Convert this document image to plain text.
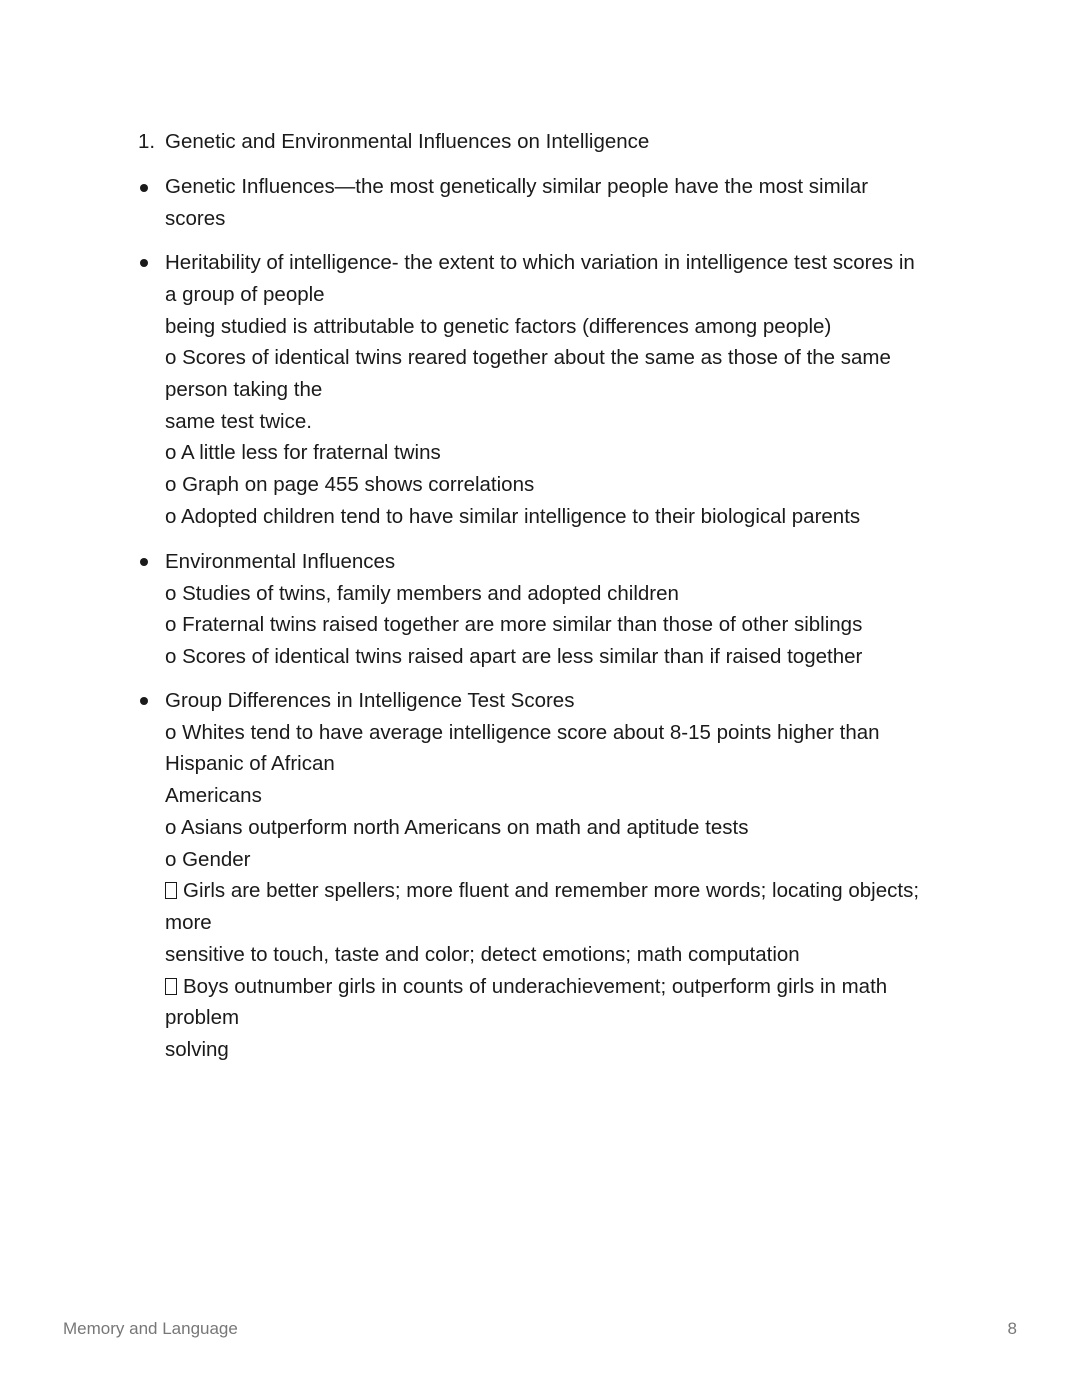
1. Genetic and Environmental Influences on Intelligence
Genetic Influences—the most genetically similar people have the most similar
scores
Heritability of intelligence- the extent to which variation in intelligence test scores in
a group of people
being studied is attributable to genetic factors (differences among people)
o Scores of identical twins reared together about the same as those of the same
person taking the
same test twice.
o A little less for fraternal twins
o Graph on page 455 shows correlations
o Adopted children tend to have similar intelligence to their biological parents
Environmental Influences
o Studies of twins, family members and adopted children
o Fraternal twins raised together are more similar than those of other siblings
o Scores of identical twins raised apart are less similar than if raised together
Group Differences in Intelligence Test Scores
o Whites tend to have average intelligence score about 8-15 points higher than
Hispanic of African
Americans
o Asians outperform north Americans on math and aptitude tests
o Gender
Girls are better spellers; more fluent and remember more words; locating objects;
more
sensitive to touch, taste and color; detect emotions; math computation
Boys outnumber girls in counts of underachievement; outperform girls in math
problem
solving
Memory and Language	8
